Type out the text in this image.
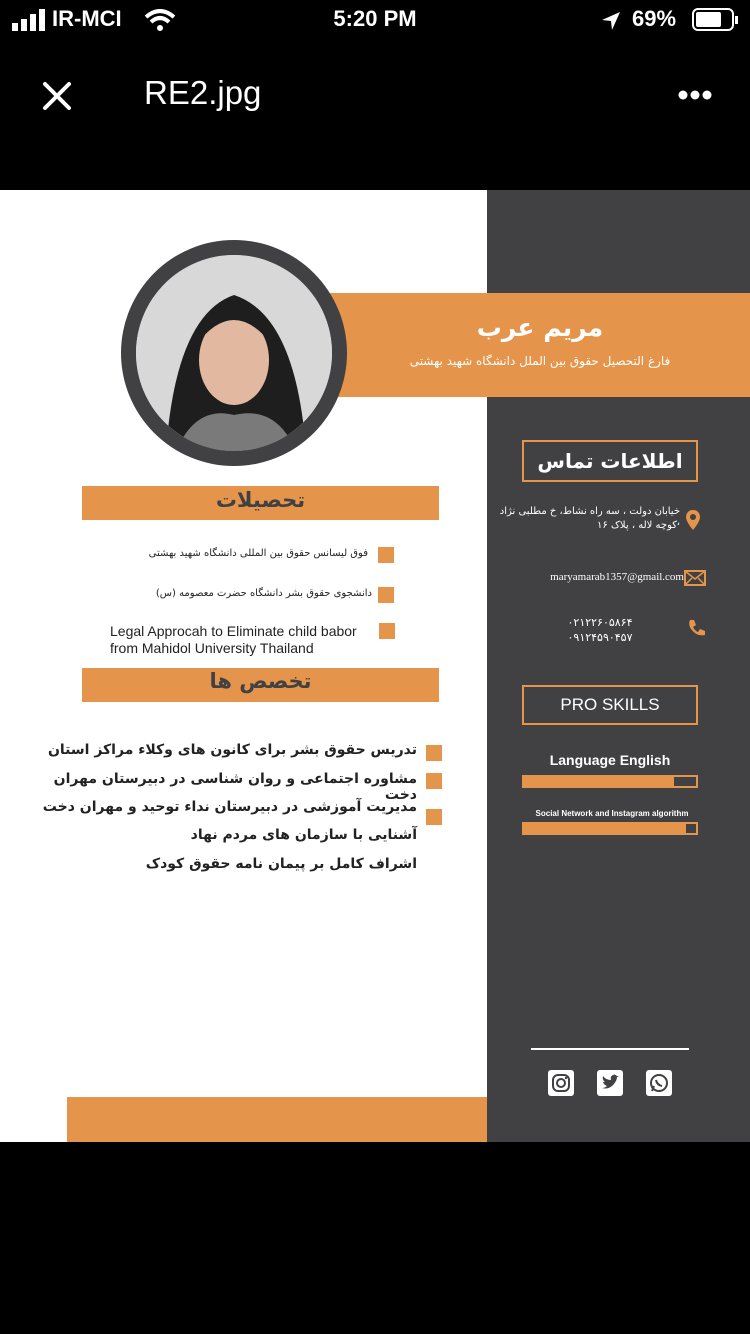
IR-MCI	5:20 PM	69%
RE2.jpg
مریم عرب
فارغ التحصیل حقوق بین الملل دانشگاه شهید بهشتی
تحصیلات
فوق لیسانس حقوق بین المللی دانشگاه شهید بهشتی
دانشجوی حقوق بشر دانشگاه حضرت معصومه (س)
Legal Approcah to Eliminate child babor
from Mahidol University Thailand
تخصص ها
تدریس حقوق بشر برای کانون های وکلاء مراکز استان
مشاوره اجتماعی و روان شناسی در دبیرستان مهران دخت
مدیریت آموزشی در دبیرستان نداء توحید و مهران دخت
آشنایی با سازمان های مردم نهاد
اشراف کامل بر پیمان نامه حقوق کودک
اطلاعات تماس
خیابان دولت ، سه راه نشاط، خ مطلبی نژاد ،
کوچه لاله ، پلاک ۱۶
maryamarab1357@gmail.com
۰۲۱۲۲۶۰۵۸۶۴
۰۹۱۲۴۵۹۰۴۵۷
PRO SKILLS
Language English
Social Network and Instagram algorithm
